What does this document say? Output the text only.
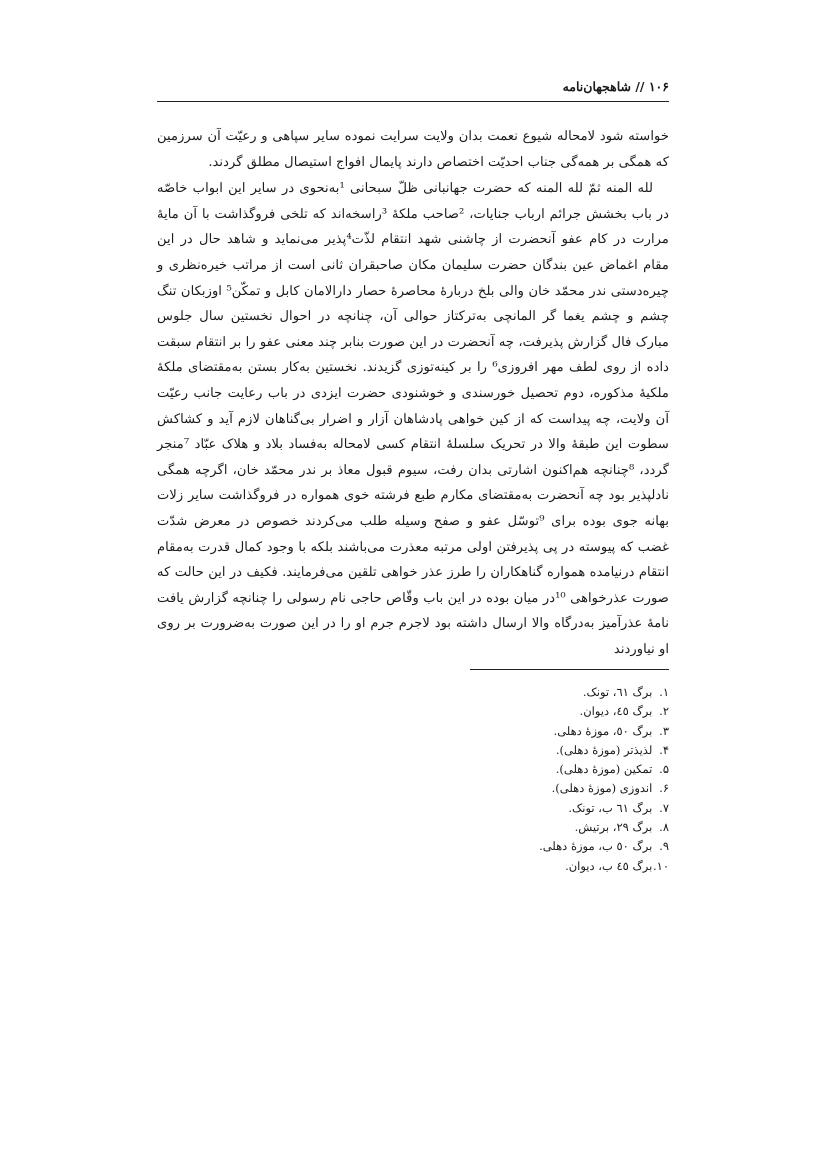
۱۰۶ // شاهجهان‌نامه

خواسته شود لامحاله شیوع نعمت بدان ولایت سرایت نموده سایر سپاهی و رعیّت آن سرزمین که همگی بر همه‌گی جناب احدیّت اختصاص دارند پایمال افواج استیصال مطلق گردند.

لله المنه ثمّ لله المنه که حضرت جهانبانی ظلّ سبحانی ¹به‌نحوی در سایر این ابواب خاصّه در باب بخشش جرائم ارباب جنایات، ²صاحب ملکهٔ ³راسخه‌اند که تلخی فروگذاشت با آن مایهٔ مرارت در کام عفو آنحضرت از چاشنی شهد انتقام لذّت⁴پذیر می‌نماید و شاهد حال در این مقام اغماض عین بندگان حضرت سلیمان مکان صاحبقران ثانی است از مراتب خیره‌نظری و چیره‌دستی ندر محمّد خان والی بلخ دربارهٔ محاصرهٔ حصار دارالامان کابل و تمکّن⁵ اوزبکان تنگ چشم و چشم یغما گر المانچی به‌ترکتاز حوالی آن، چنانچه در احوال نخستین سال جلوس مبارک فال گزارش پذیرفت، چه آنحضرت در این صورت بنابر چند معنی عفو را بر انتقام سبقت داده از روی لطف مهر افروزی⁶ را بر کینه‌توزی گزیدند. نخستین به‌کار بستن به‌مقتضای ملکهٔ ملکیهٔ مذکوره، دوم تحصیل خورسندی و خوشنودی حضرت ایزدی در باب رعایت جانب رعیّت آن ولایت، چه پیداست که از کین خواهی پادشاهان آزار و اضرار بی‌گناهان لازم آید و کشاکش سطوت این طبقهٔ والا در تحریک سلسلهٔ انتقام کسی لامحاله به‌فساد بلاد و هلاک عبّاد ⁷منجر گردد، ⁸چنانچه هم‌اکنون اشارتی بدان رفت، سیوم قبول معاذ بر ندر محمّد خان، اگرچه همگی نادلپذیر بود چه آنحضرت به‌مقتضای مکارم طبع فرشته خوی همواره در فروگذاشت سایر زلات بهانه جوی بوده برای ⁹توسّل عفو و صفح وسیله طلب می‌کردند خصوص در معرض شدّت غضب که پیوسته در پی پذیرفتن اولی مرتبه معذرت می‌باشند بلکه با وجود کمال قدرت به‌مقام انتقام درنیامده همواره گناهکاران را طرز عذر خواهی تلقین می‌فرمایند. فکیف در این حالت که صورت عذرخواهی ¹⁰در میان بوده در این باب وقّاص حاجی نام رسولی را چنانچه گزارش یافت نامهٔ عذرآمیز به‌درگاه والا ارسال داشته بود لاجرم جرم او را در این صورت به‌ضرورت بر روی او نیاوردند

۱. برگ ٦١، تونک.
۲. برگ ٤٥، دیوان.
۳. برگ ٥٠، موزهٔ دهلی.
۴. لذیذتر (موزهٔ دهلی).
۵. تمکین (موزهٔ دهلی).
۶. اندوزی (موزهٔ دهلی).
۷. برگ ٦١ ب، تونک.
۸. برگ ٢٩، برتیش.
۹. برگ ٥٠ ب، موزهٔ دهلی.
۱۰. برگ ٤٥ ب، دیوان.
